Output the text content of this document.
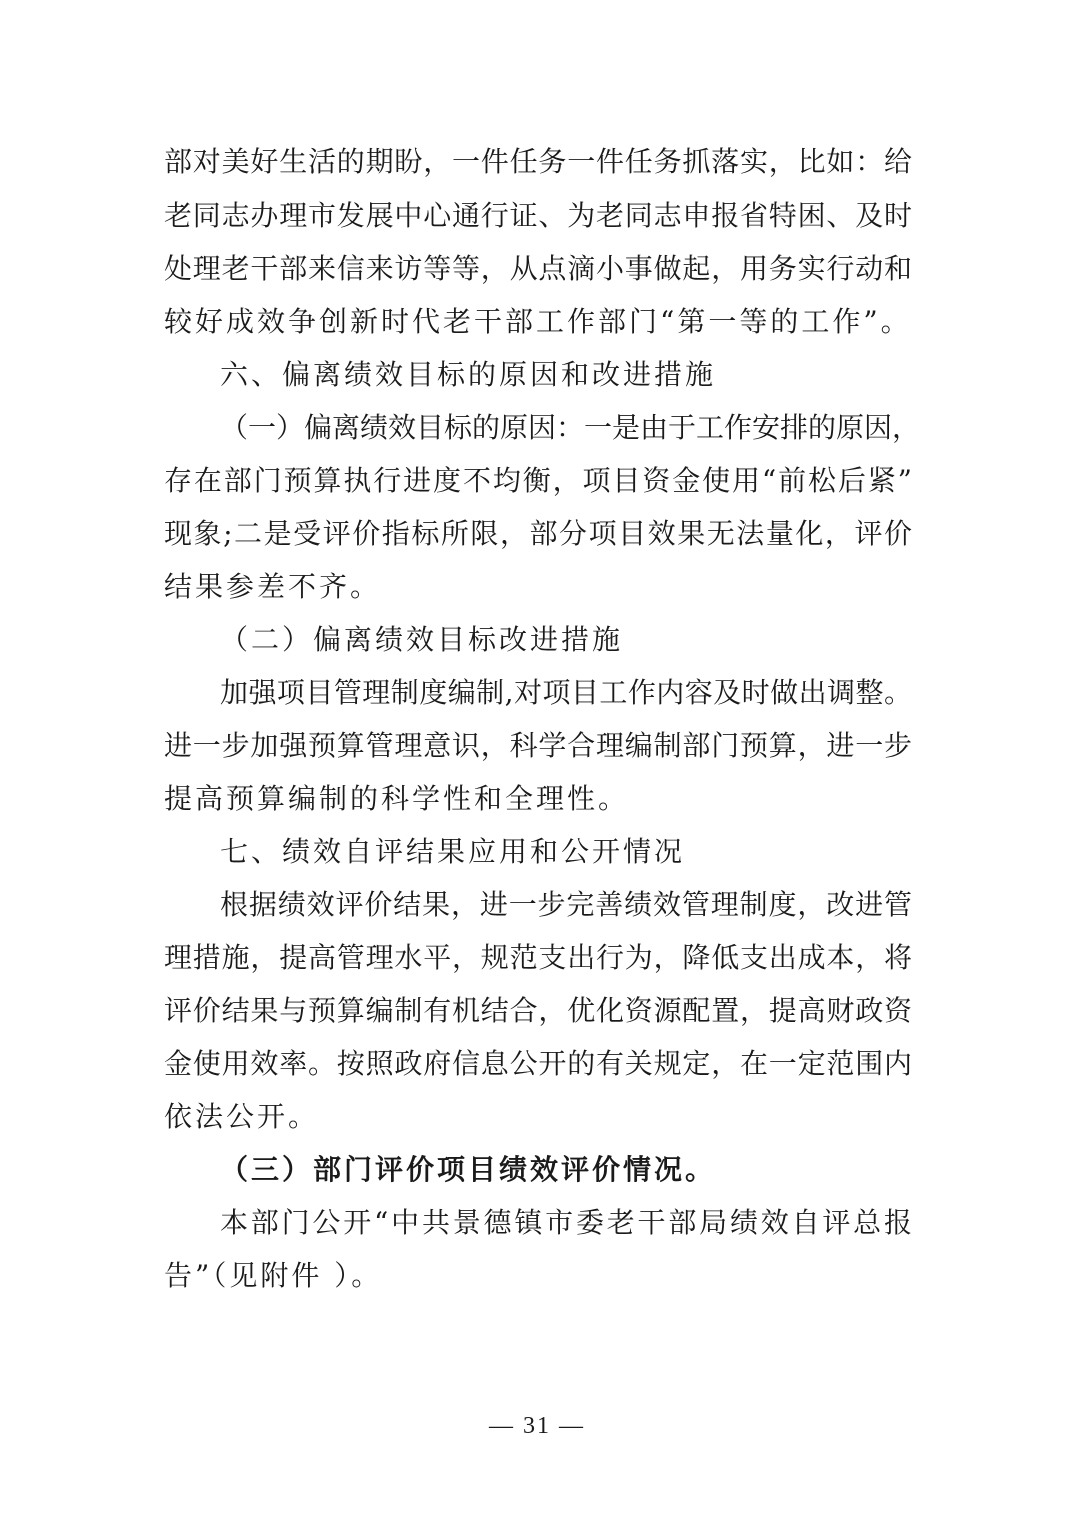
部对美好生活的期盼，一件任务一件任务抓落实，比如：给
老同志办理市发展中心通行证、为老同志申报省特困、及时
处理老干部来信来访等等，从点滴小事做起，用务实行动和
较好成效争创新时代老干部工作部门“第一等的工作”。
六、偏离绩效目标的原因和改进措施
（一）偏离绩效目标的原因：一是由于工作安排的原因，
存在部门预算执行进度不均衡，项目资金使用“前松后紧”
现象;二是受评价指标所限，部分项目效果无法量化，评价
结果参差不齐。
（二）偏离绩效目标改进措施
加强项目管理制度编制,对项目工作内容及时做出调整。
进一步加强预算管理意识，科学合理编制部门预算，进一步
提高预算编制的科学性和全理性。
七、绩效自评结果应用和公开情况
根据绩效评价结果，进一步完善绩效管理制度，改进管
理措施，提高管理水平，规范支出行为，降低支出成本，将
评价结果与预算编制有机结合，优化资源配置，提高财政资
金使用效率。按照政府信息公开的有关规定，在一定范围内
依法公开。
（三）部门评价项目绩效评价情况。
本部门公开“中共景德镇市委老干部局绩效自评总报
告”（见附件 ）。
— 31 —
